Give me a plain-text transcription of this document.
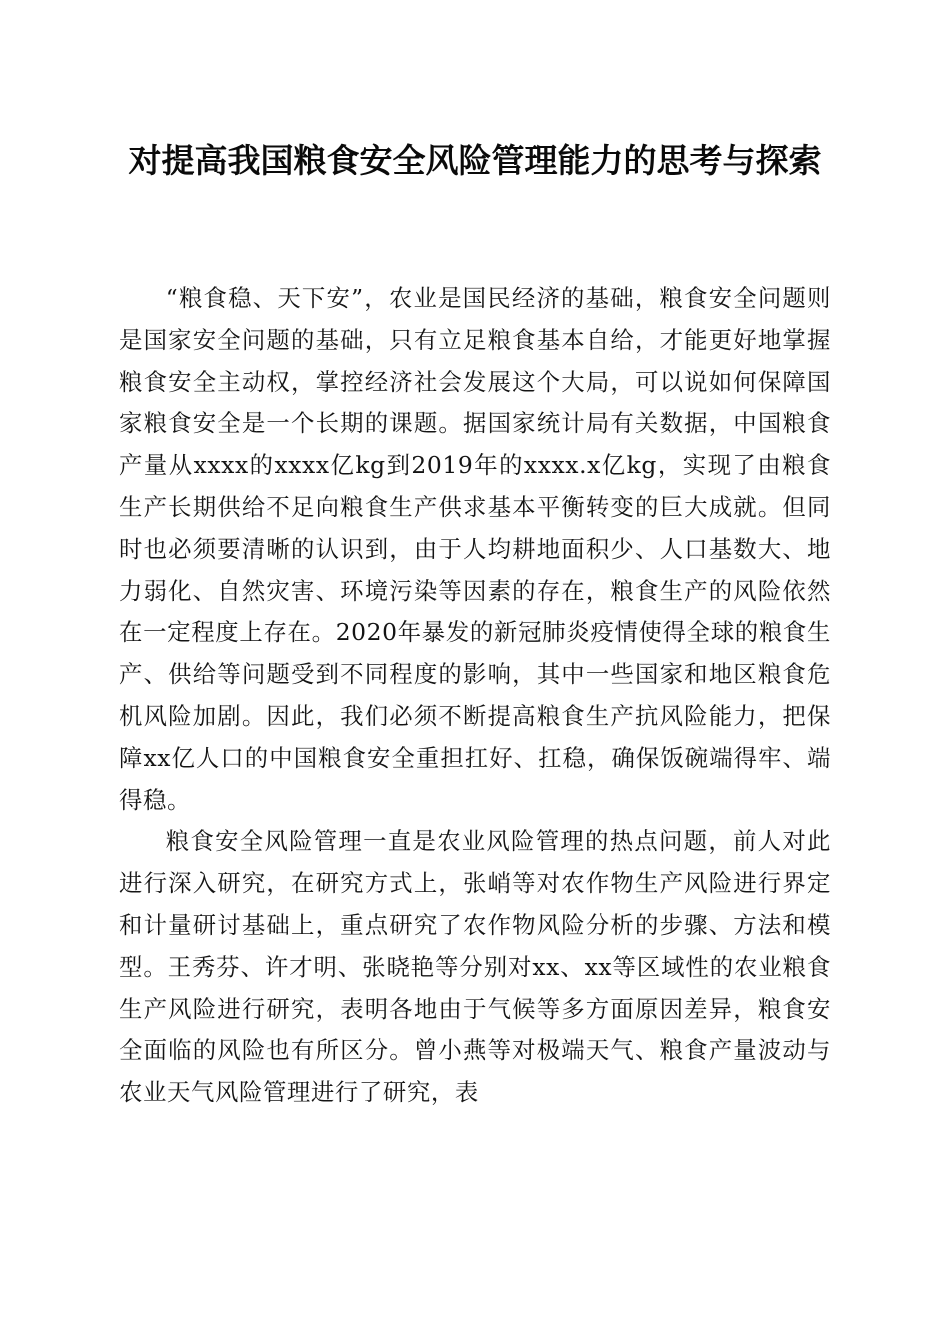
对提高我国粮食安全风险管理能力的思考与探索

“粮食稳、天下安”，农业是国民经济的基础，粮食安全问题则是国家安全问题的基础，只有立足粮食基本自给，才能更好地掌握粮食安全主动权，掌控经济社会发展这个大局，可以说如何保障国家粮食安全是一个长期的课题。据国家统计局有关数据，中国粮食产量从xxxx的xxxx亿kg到2019年的xxxx.x亿kg，实现了由粮食生产长期供给不足向粮食生产供求基本平衡转变的巨大成就。但同时也必须要清晰的认识到，由于人均耕地面积少、人口基数大、地力弱化、自然灾害、环境污染等因素的存在，粮食生产的风险依然在一定程度上存在。2020年暴发的新冠肺炎疫情使得全球的粮食生产、供给等问题受到不同程度的影响，其中一些国家和地区粮食危机风险加剧。因此，我们必须不断提高粮食生产抗风险能力，把保障xx亿人口的中国粮食安全重担扛好、扛稳，确保饭碗端得牢、端得稳。

粮食安全风险管理一直是农业风险管理的热点问题，前人对此进行深入研究，在研究方式上，张峭等对农作物生产风险进行界定和计量研讨基础上，重点研究了农作物风险分析的步骤、方法和模型。王秀芬、许才明、张晓艳等分别对xx、xx等区域性的农业粮食生产风险进行研究，表明各地由于气候等多方面原因差异，粮食安全面临的风险也有所区分。曾小燕等对极端天气、粮食产量波动与农业天气风险管理进行了研究，表
